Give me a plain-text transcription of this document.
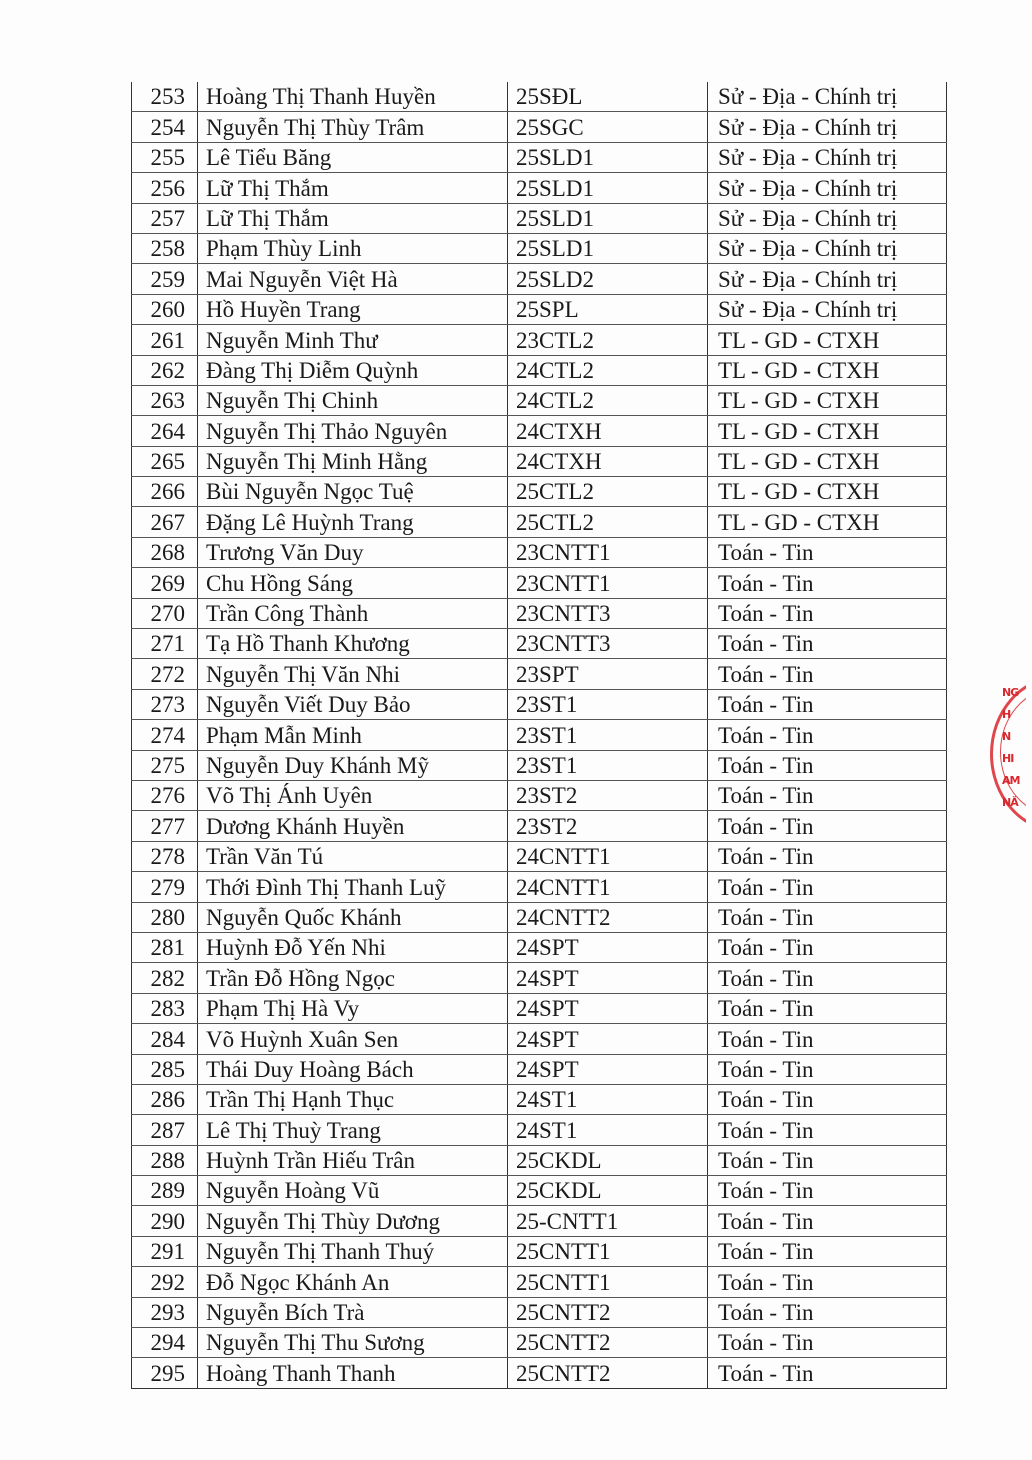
253	Hoàng Thị Thanh Huyền	25SĐL	Sử - Địa - Chính trị
254	Nguyễn Thị Thùy Trâm	25SGC	Sử - Địa - Chính trị
255	Lê Tiểu Băng	25SLD1	Sử - Địa - Chính trị
256	Lữ Thị Thắm	25SLD1	Sử - Địa - Chính trị
257	Lữ Thị Thắm	25SLD1	Sử - Địa - Chính trị
258	Phạm Thùy Linh	25SLD1	Sử - Địa - Chính trị
259	Mai Nguyễn Việt Hà	25SLD2	Sử - Địa - Chính trị
260	Hồ Huyền Trang	25SPL	Sử - Địa - Chính trị
261	Nguyễn Minh Thư	23CTL2	TL - GD - CTXH
262	Đàng Thị Diễm Quỳnh	24CTL2	TL - GD - CTXH
263	Nguyễn Thị Chinh	24CTL2	TL - GD - CTXH
264	Nguyễn Thị Thảo Nguyên	24CTXH	TL - GD - CTXH
265	Nguyễn Thị Minh Hằng	24CTXH	TL - GD - CTXH
266	Bùi Nguyễn Ngọc Tuệ	25CTL2	TL - GD - CTXH
267	Đặng Lê Huỳnh Trang	25CTL2	TL - GD - CTXH
268	Trương Văn Duy	23CNTT1	Toán - Tin
269	Chu Hồng Sáng	23CNTT1	Toán - Tin
270	Trần Công Thành	23CNTT3	Toán - Tin
271	Tạ Hồ Thanh Khương	23CNTT3	Toán - Tin
272	Nguyễn Thị Văn Nhi	23SPT	Toán - Tin
273	Nguyễn Viết Duy Bảo	23ST1	Toán - Tin
274	Phạm Mẫn Minh	23ST1	Toán - Tin
275	Nguyễn Duy Khánh Mỹ	23ST1	Toán - Tin
276	Võ Thị Ánh Uyên	23ST2	Toán - Tin
277	Dương Khánh Huyền	23ST2	Toán - Tin
278	Trần Văn Tú	24CNTT1	Toán - Tin
279	Thới Đình Thị Thanh Luỹ	24CNTT1	Toán - Tin
280	Nguyễn Quốc Khánh	24CNTT2	Toán - Tin
281	Huỳnh Đỗ Yến Nhi	24SPT	Toán - Tin
282	Trần Đỗ Hồng Ngọc	24SPT	Toán - Tin
283	Phạm Thị Hà Vy	24SPT	Toán - Tin
284	Võ Huỳnh Xuân Sen	24SPT	Toán - Tin
285	Thái Duy Hoàng Bách	24SPT	Toán - Tin
286	Trần Thị Hạnh Thục	24ST1	Toán - Tin
287	Lê Thị Thuỳ Trang	24ST1	Toán - Tin
288	Huỳnh Trần Hiếu Trân	25CKDL	Toán - Tin
289	Nguyễn Hoàng Vũ	25CKDL	Toán - Tin
290	Nguyễn Thị Thùy Dương	25-CNTT1	Toán - Tin
291	Nguyễn Thị Thanh Thuý	25CNTT1	Toán - Tin
292	Đỗ Ngọc Khánh An	25CNTT1	Toán - Tin
293	Nguyễn Bích Trà	25CNTT2	Toán - Tin
294	Nguyễn Thị Thu Sương	25CNTT2	Toán - Tin
295	Hoàng Thanh Thanh	25CNTT2	Toán - Tin
NG
H
N
HI
AM
NĂ
